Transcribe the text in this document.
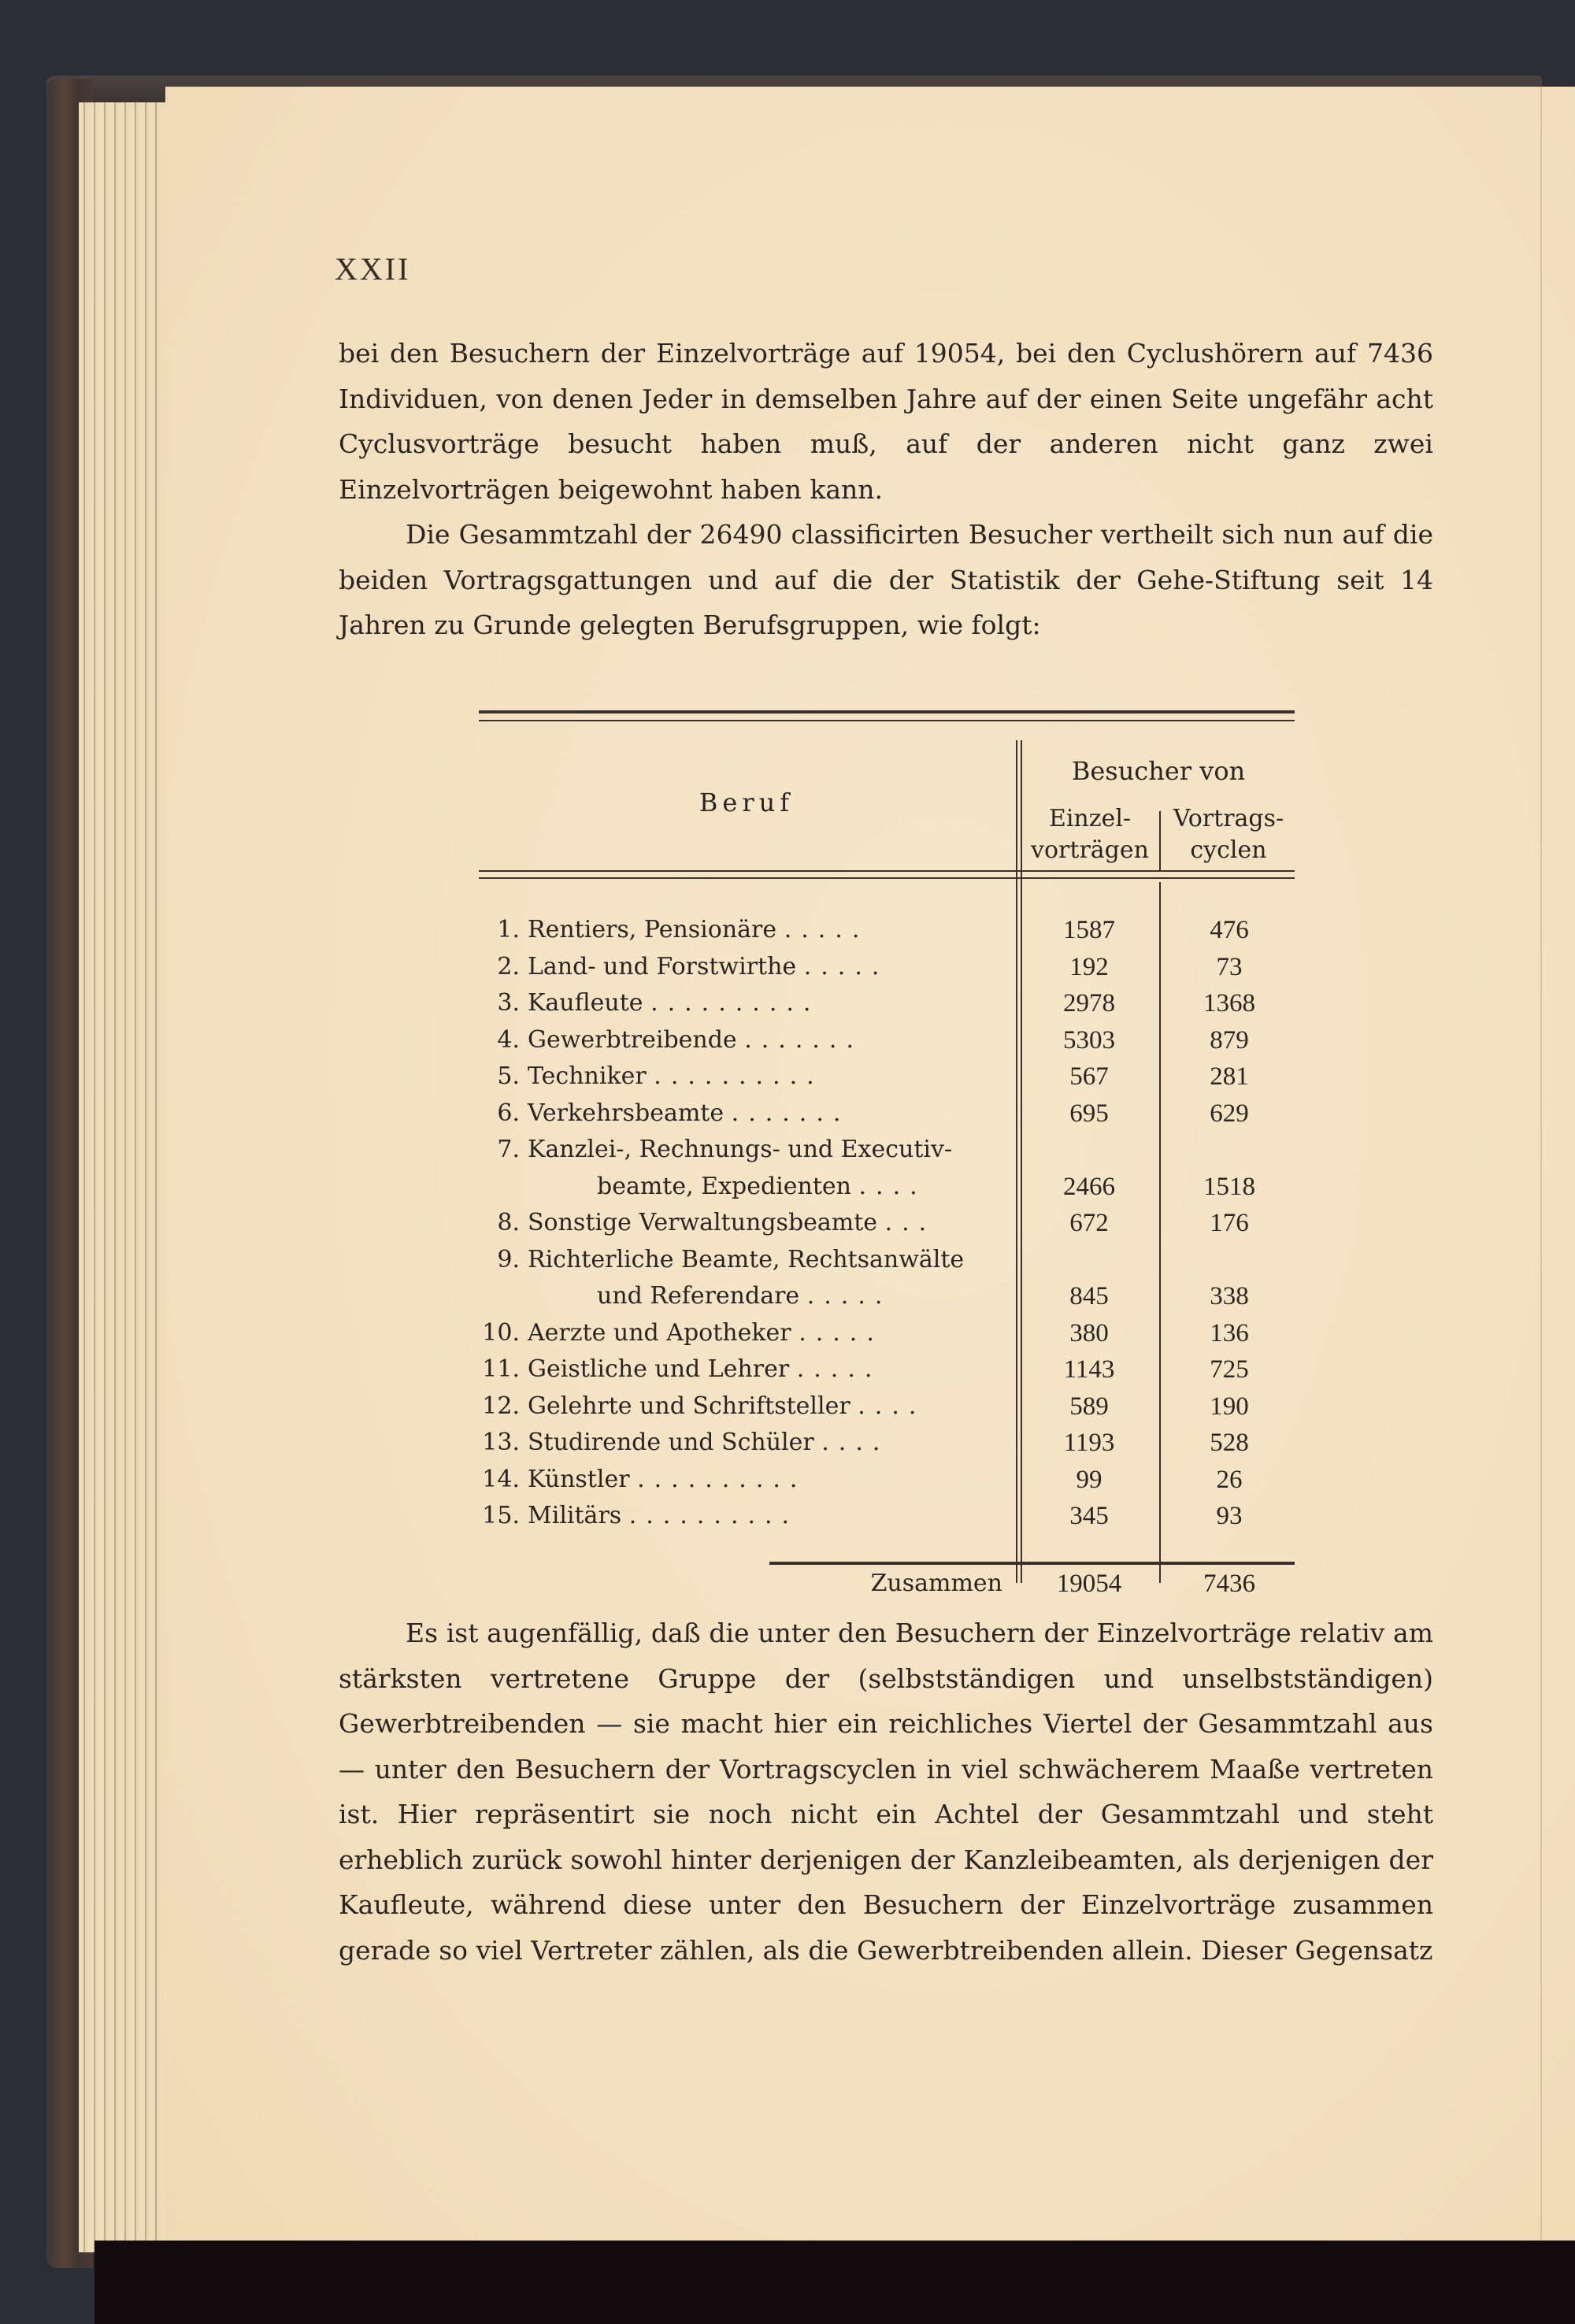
XXII
bei den Besuchern der Einzelvorträge auf 19054, bei den Cyclushörern auf 7436 Individuen, von denen Jeder in demselben Jahre auf der einen Seite ungefähr acht Cyclusvorträge besucht haben muß, auf der anderen nicht ganz zwei Einzelvorträgen beigewohnt haben kann.
Die Gesammtzahl der 26490 classificirten Besucher vertheilt sich nun auf die beiden Vortragsgattungen und auf die der Statistik der Gehe-Stiftung seit 14 Jahren zu Grunde gelegten Berufsgruppen, wie folgt:
Beruf
Besucher von
Einzel-
vorträgen
Vortrags-
cyclen
1. Rentiers, Pensionäre .....	1587	476
2. Land- und Forstwirthe .....	192	73
3. Kaufleute ..........	2978	1368
4. Gewerbtreibende .......	5303	879
5. Techniker ..........	567	281
6. Verkehrsbeamte .......	695	629
7. Kanzlei-, Rechnungs- und Executiv-
beamte, Expedienten ....	2466	1518
8. Sonstige Verwaltungsbeamte ...	672	176
9. Richterliche Beamte, Rechtsanwälte
und Referendare .....	845	338
10. Aerzte und Apotheker .....	380	136
11. Geistliche und Lehrer .....	1143	725
12. Gelehrte und Schriftsteller ....	589	190
13. Studirende und Schüler ....	1193	528
14. Künstler ..........	99	26
15. Militärs ..........	345	93
Zusammen	19054	7436
Es ist augenfällig, daß die unter den Besuchern der Einzelvorträge relativ am stärksten vertretene Gruppe der (selbstständigen und unselbstständigen) Gewerbtreibenden — sie macht hier ein reichliches Viertel der Gesammtzahl aus — unter den Besuchern der Vortragscyclen in viel schwächerem Maaße vertreten ist. Hier repräsentirt sie noch nicht ein Achtel der Gesammtzahl und steht erheblich zurück sowohl hinter derjenigen der Kanzleibeamten, als derjenigen der Kaufleute, während diese unter den Besuchern der Einzelvorträge zusammen gerade so viel Vertreter zählen, als die Gewerbtreibenden allein. Dieser Gegensatz
